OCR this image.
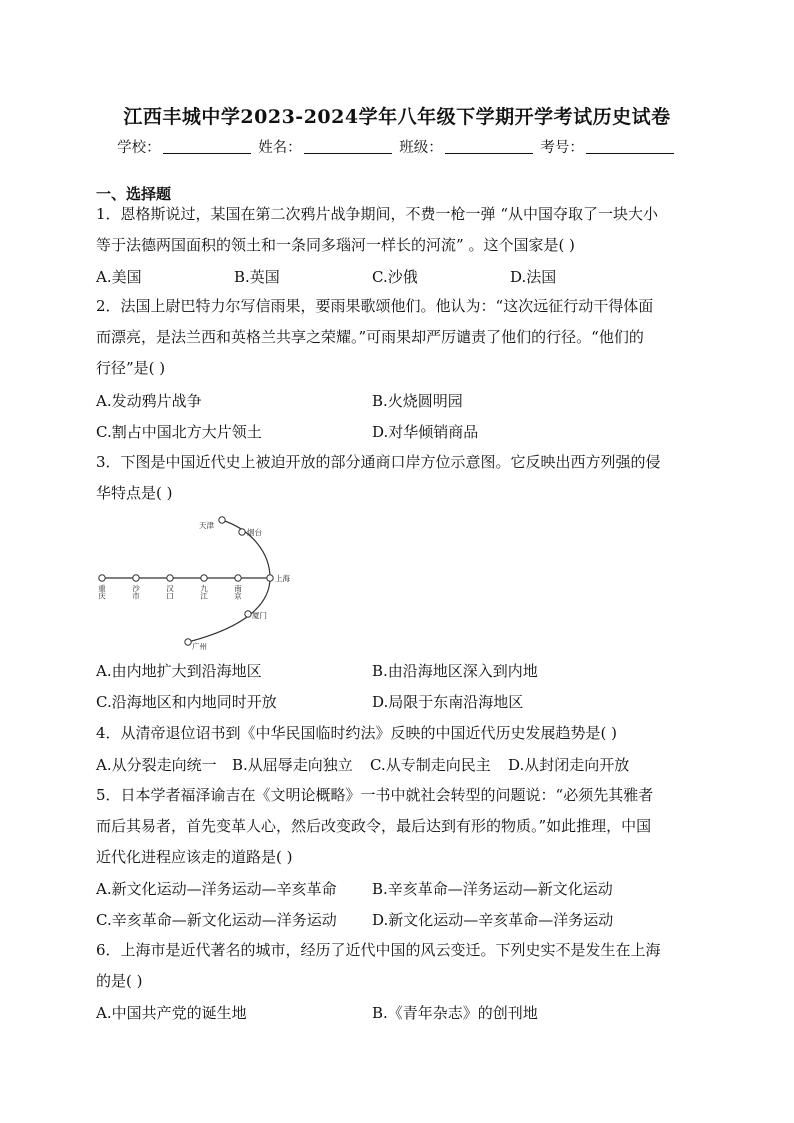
江西丰城中学2023-2024学年八年级下学期开学考试历史试卷
学校：	姓名：	班级：	考号：
一、选择题
1．恩格斯说过，某国在第二次鸦片战争期间，不费一枪一弹 “从中国夺取了一块大小
等于法德两国面积的领土和一条同多瑙河一样长的河流” 。这个国家是( )
A.美国	B.英国	C.沙俄	D.法国
2．法国上尉巴特力尔写信雨果，要雨果歌颂他们。他认为：“这次远征行动干得体面
而漂亮，是法兰西和英格兰共享之荣耀。”可雨果却严厉谴责了他们的行径。“他们的
行径”是( )
A.发动鸦片战争	B.火烧圆明园
C.割占中国北方大片领土	D.对华倾销商品
3．下图是中国近代史上被迫开放的部分通商口岸方位示意图。它反映出西方列强的侵
华特点是( )
天津
烟台
上海
厦门
广州
重庆	沙市	汉口	九江	南京
A.由内地扩大到沿海地区	B.由沿海地区深入到内地
C.沿海地区和内地同时开放	D.局限于东南沿海地区
4．从清帝退位诏书到《中华民国临时约法》反映的中国近代历史发展趋势是( )
A.从分裂走向统一 B.从屈辱走向独立 C.从专制走向民主 D.从封闭走向开放
5．日本学者福泽谕吉在《文明论概略》一书中就社会转型的问题说：“必须先其雅者
而后其易者，首先变革人心，然后改变政令，最后达到有形的物质。”如此推理，中国
近代化进程应该走的道路是( )
A.新文化运动—洋务运动—辛亥革命 B.辛亥革命—洋务运动—新文化运动
C.辛亥革命—新文化运动—洋务运动 D.新文化运动—辛亥革命—洋务运动
6．上海市是近代著名的城市，经历了近代中国的风云变迁。下列史实不是发生在上海
的是( )
A.中国共产党的诞生地	B.《青年杂志》的创刊地
